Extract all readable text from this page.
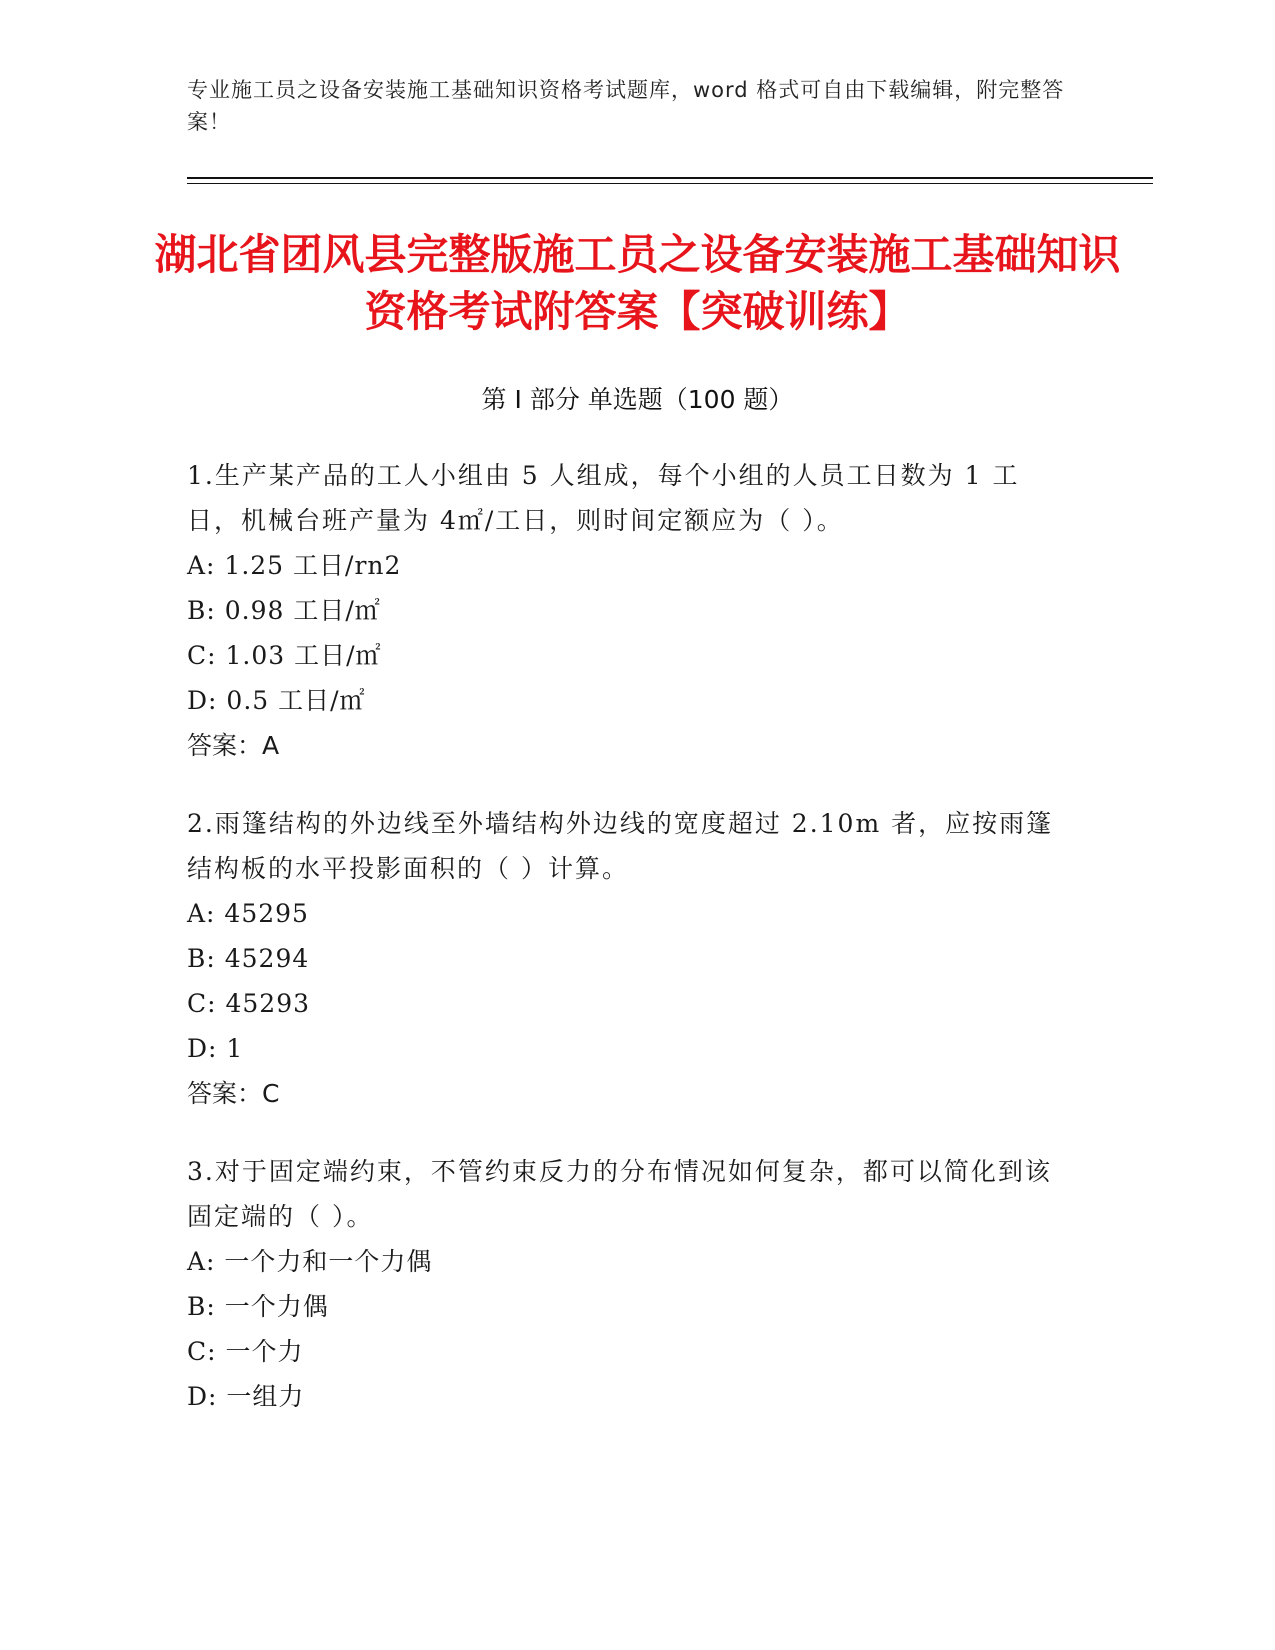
专业施工员之设备安装施工基础知识资格考试题库，word 格式可自由下载编辑，附完整答案！
湖北省团风县完整版施工员之设备安装施工基础知识资格考试附答案【突破训练】
第 I 部分 单选题（100 题）

1.生产某产品的工人小组由 5 人组成，每个小组的人员工日数为 1 工日，机械台班产量为 4㎡/工日，则时间定额应为（ ）。

A: 1.25 工日/rn2

B: 0.98 工日/㎡

C: 1.03 工日/㎡

D: 0.5 工日/㎡

答案：A

2.雨篷结构的外边线至外墙结构外边线的宽度超过 2.10m 者，应按雨篷结构板的水平投影面积的（ ）计算。

A: 45295

B: 45294

C: 45293

D: 1

答案：C

3.对于固定端约束，不管约束反力的分布情况如何复杂，都可以简化到该固定端的（ ）。

A: 一个力和一个力偶

B: 一个力偶

C: 一个力

D: 一组力
